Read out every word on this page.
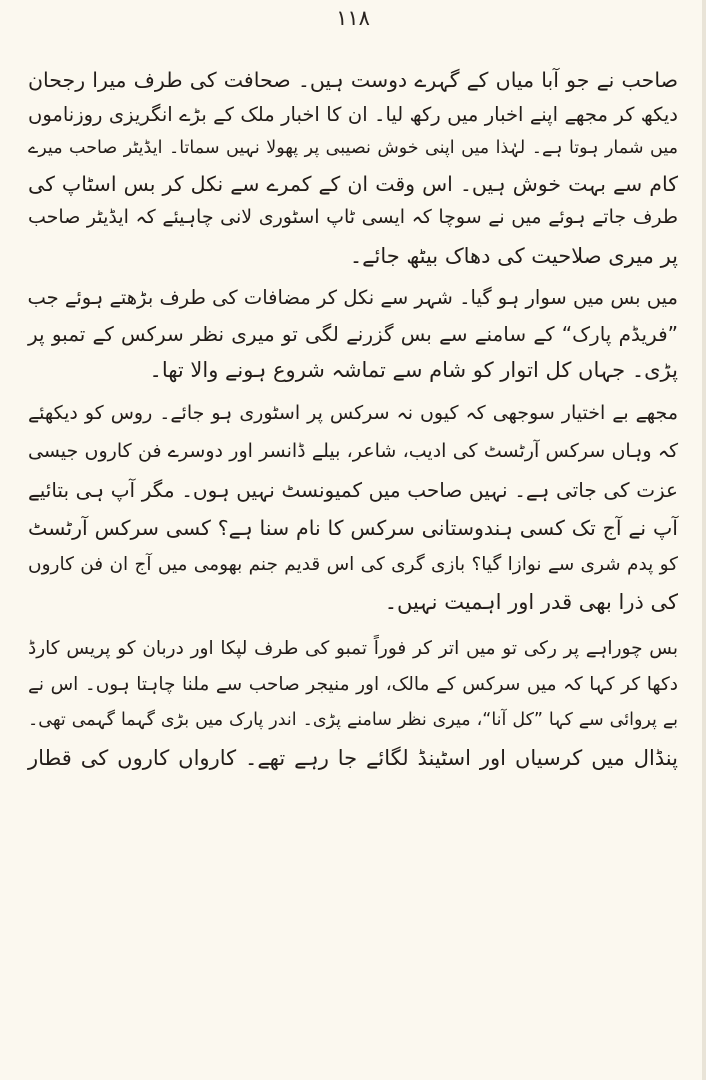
١١٨
صاحب نے جو آبا میاں کے گہرے دوست ہیں۔ صحافت کی طرف میرا رجحان
دیکھ کر مجھے اپنے اخبار میں رکھ لیا۔ ان کا اخبار ملک کے بڑے انگریزی روزناموں
میں شمار ہوتا ہے۔ لہٰذا میں اپنی خوش نصیبی پر پھولا نہیں سماتا۔ ایڈیٹر صاحب میرے
کام سے بہت خوش ہیں۔ اس وقت ان کے کمرے سے نکل کر بس اسٹاپ کی
طرف جاتے ہوئے میں نے سوچا کہ ایسی ٹاپ اسٹوری لانی چاہیئے کہ ایڈیٹر صاحب
پر میری صلاحیت کی دھاک بیٹھ جائے۔
میں بس میں سوار ہو گیا۔ شہر سے نکل کر مضافات کی طرف بڑھتے ہوئے جب
”فریڈم پارک“ کے سامنے سے بس گزرنے لگی تو میری نظر سرکس کے تمبو پر
پڑی۔ جہاں کل اتوار کو شام سے تماشہ شروع ہونے والا تھا۔
مجھے بے اختیار سوجھی کہ کیوں نہ سرکس پر اسٹوری ہو جائے۔ روس کو دیکھئے
کہ وہاں سرکس آرٹسٹ کی ادیب، شاعر، بیلے ڈانسر اور دوسرے فن کاروں جیسی
عزت کی جاتی ہے۔ نہیں صاحب میں کمیونسٹ نہیں ہوں۔ مگر آپ ہی بتائیے
آپ نے آج تک کسی ہندوستانی سرکس کا نام سنا ہے؟ کسی سرکس آرٹسٹ
کو پدم شری سے نوازا گیا؟ بازی گری کی اس قدیم جنم بھومی میں آج ان فن کاروں
کی ذرا بھی قدر اور اہمیت نہیں۔
بس چوراہے پر رکی تو میں اتر کر فوراً تمبو کی طرف لپکا اور دربان کو پریس کارڈ
دکھا کر کہا کہ میں سرکس کے مالک، اور منیجر صاحب سے ملنا چاہتا ہوں۔ اس نے
بے پروائی سے کہا ”کل آنا“، میری نظر سامنے پڑی۔ اندر پارک میں بڑی گہما گہمی تھی۔
پنڈال میں کرسیاں اور اسٹینڈ لگائے جا رہے تھے۔ کارواں کاروں کی قطار
